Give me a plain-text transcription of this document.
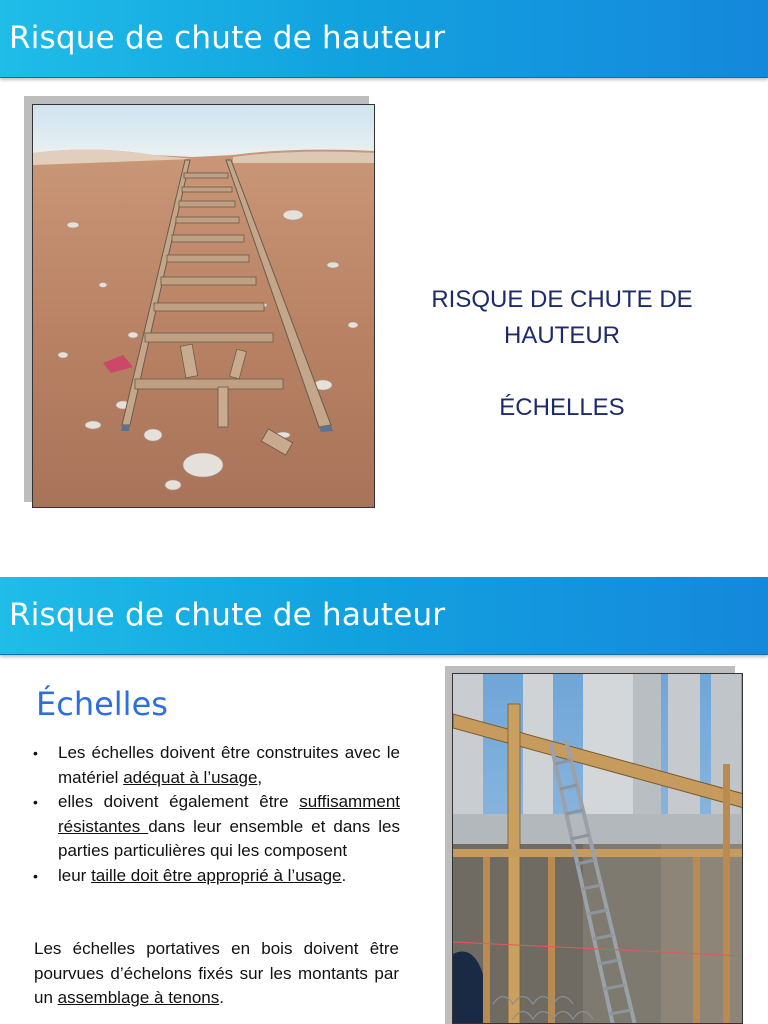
Risque de chute de hauteur
RISQUE DE CHUTE DE
HAUTEUR
ÉCHELLES
Risque de chute de hauteur
Échelles
• Les échelles doivent être construites avec le matériel adéquat à l’usage,
• elles doivent également être suffisamment résistantes dans leur ensemble et dans les parties particulières qui les composent
• leur taille doit être approprié à l’usage.

Les échelles portatives en bois doivent être pourvues d’échelons fixés sur les montants par un assemblage à tenons.
